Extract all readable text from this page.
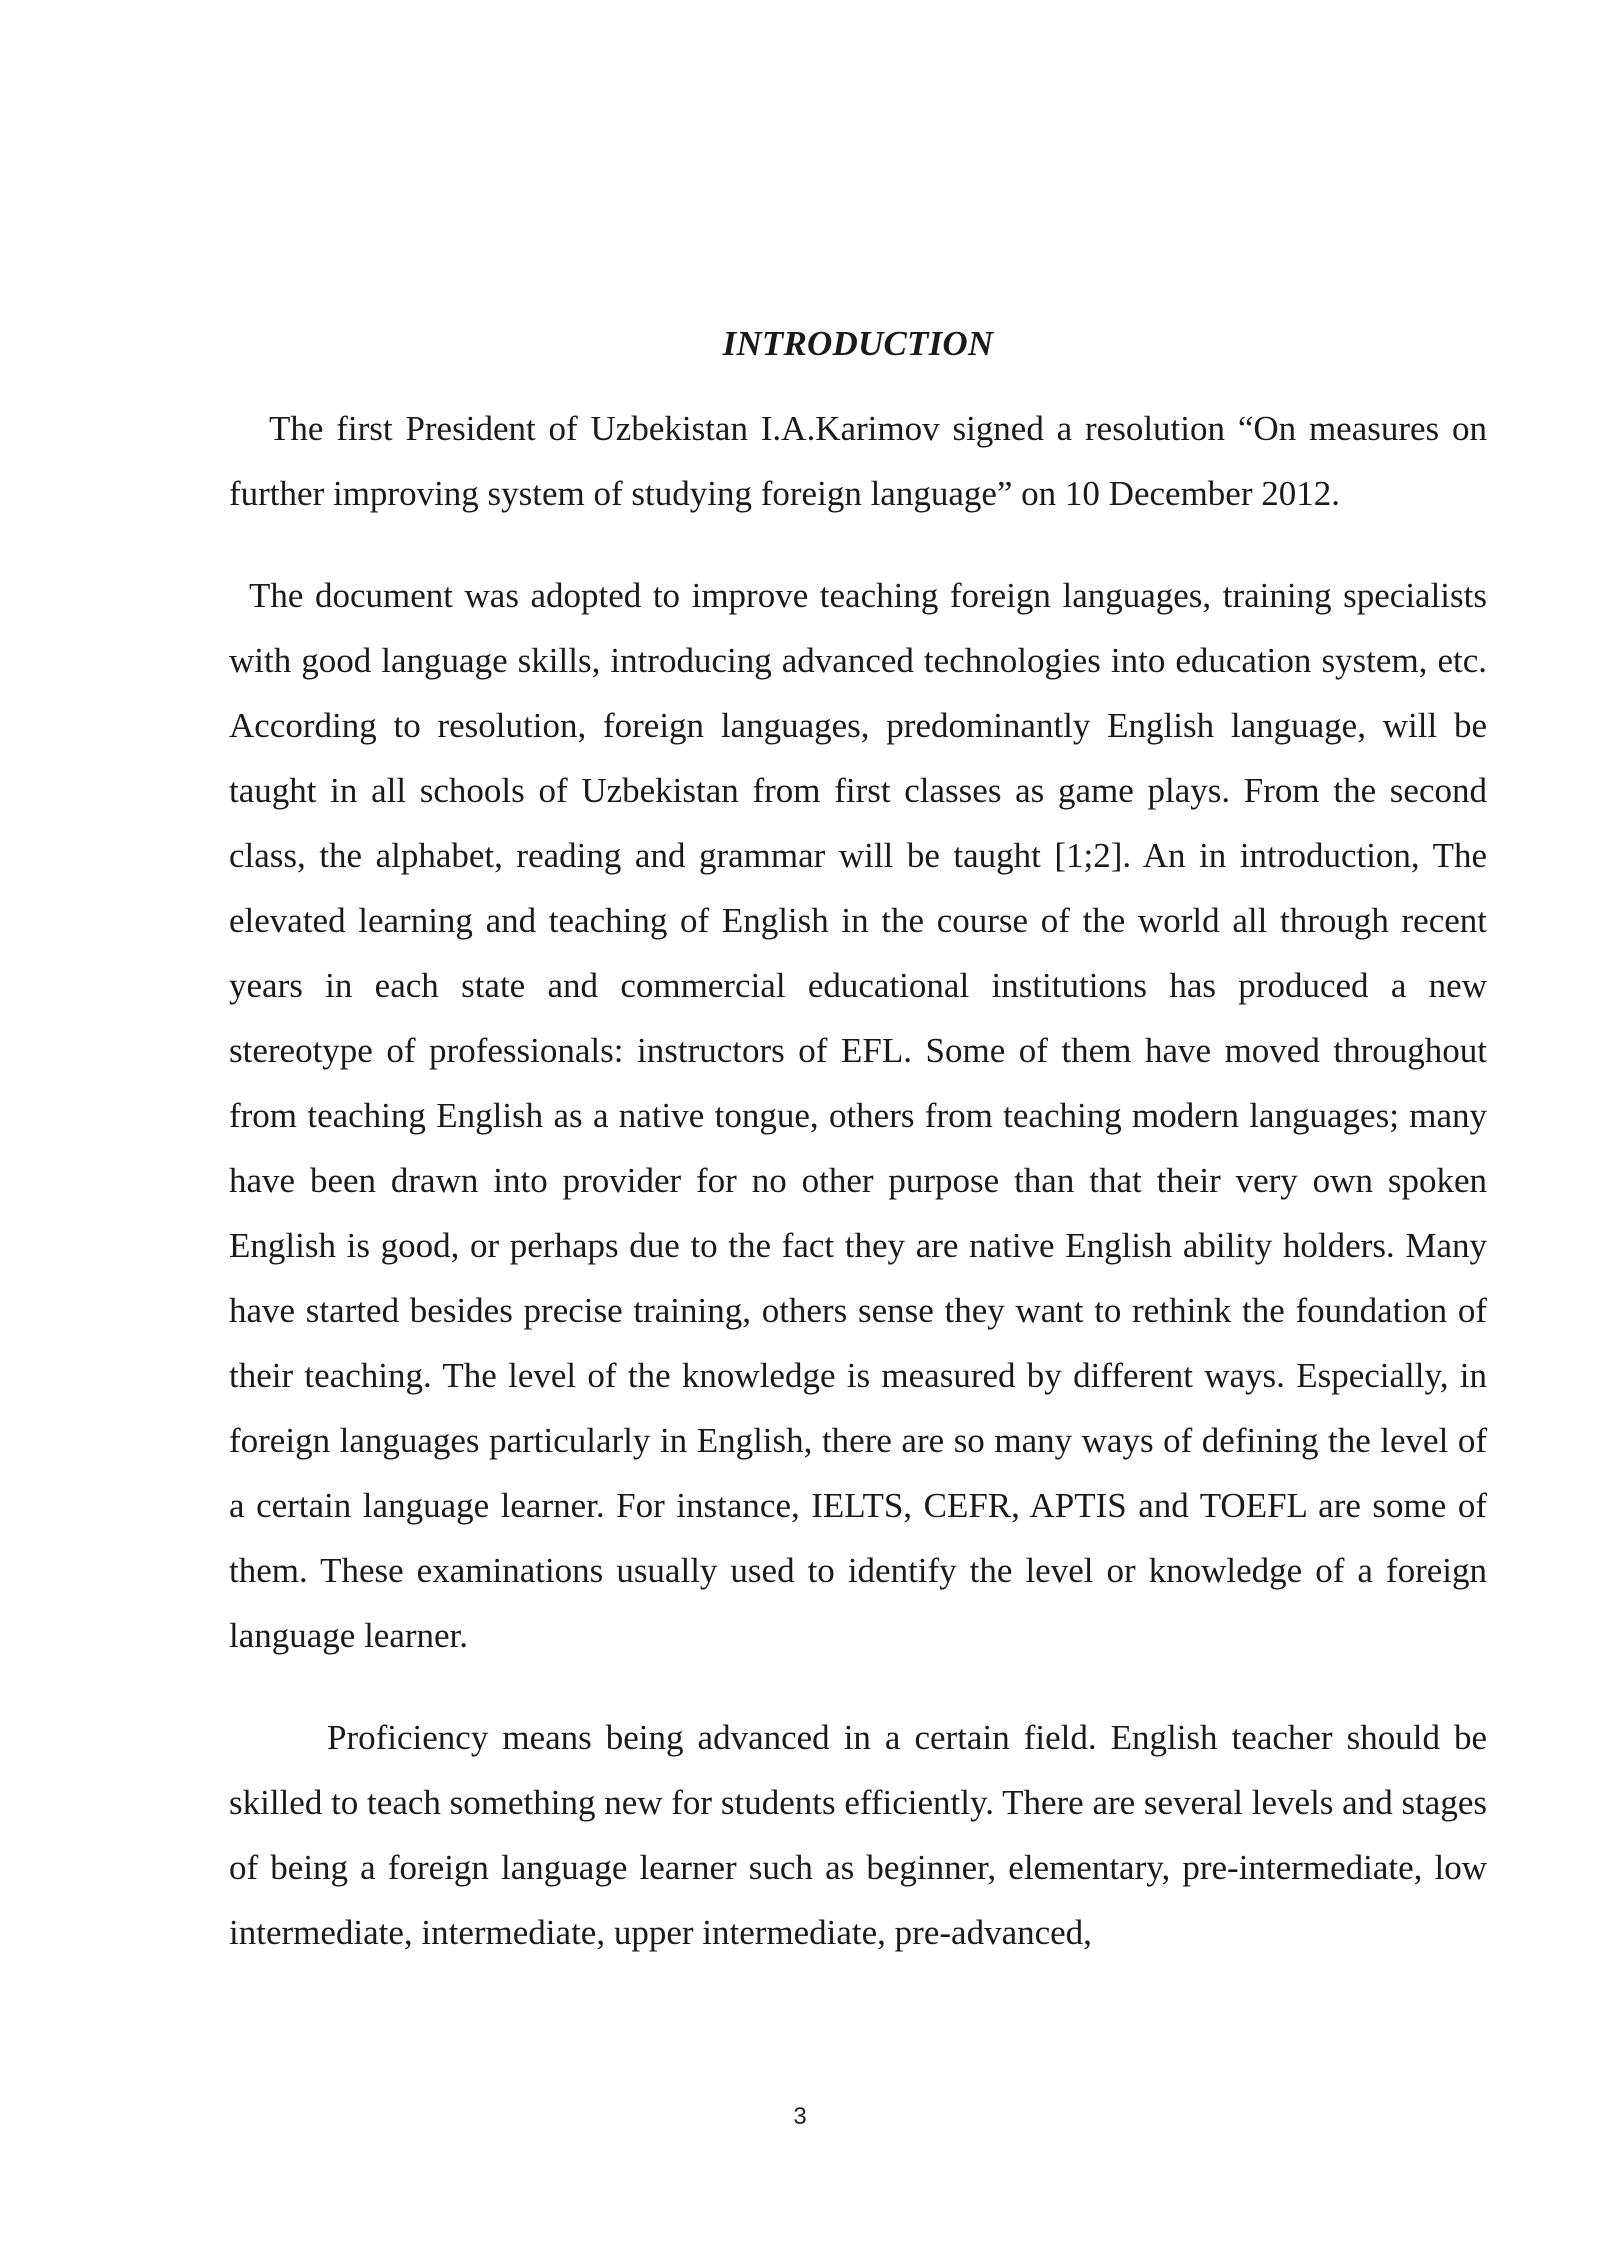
INTRODUCTION

The first President of Uzbekistan I.A.Karimov signed a resolution “On measures on further improving system of studying foreign language” on 10 December 2012.

The document was adopted to improve teaching foreign languages, training specialists with good language skills, introducing advanced technologies into education system, etc. According to resolution, foreign languages, predominantly English language, will be taught in all schools of Uzbekistan from first classes as game plays. From the second class, the alphabet, reading and grammar will be taught [1;2]. An in introduction, The elevated learning and teaching of English in the course of the world all through recent years in each state and commercial educational institutions has produced a new stereotype of professionals: instructors of EFL. Some of them have moved throughout from teaching English as a native tongue, others from teaching modern languages; many have been drawn into provider for no other purpose than that their very own spoken English is good, or perhaps due to the fact they are native English ability holders. Many have started besides precise training, others sense they want to rethink the foundation of their teaching. The level of the knowledge is measured by different ways. Especially, in foreign languages particularly in English, there are so many ways of defining the level of a certain language learner. For instance, IELTS, CEFR, APTIS and TOEFL are some of them. These examinations usually used to identify the level or knowledge of a foreign language learner.

Proficiency means being advanced in a certain field. English teacher should be skilled to teach something new for students efficiently. There are several levels and stages of being a foreign language learner such as beginner, elementary, pre-intermediate, low intermediate, intermediate, upper intermediate, pre-advanced,

3
